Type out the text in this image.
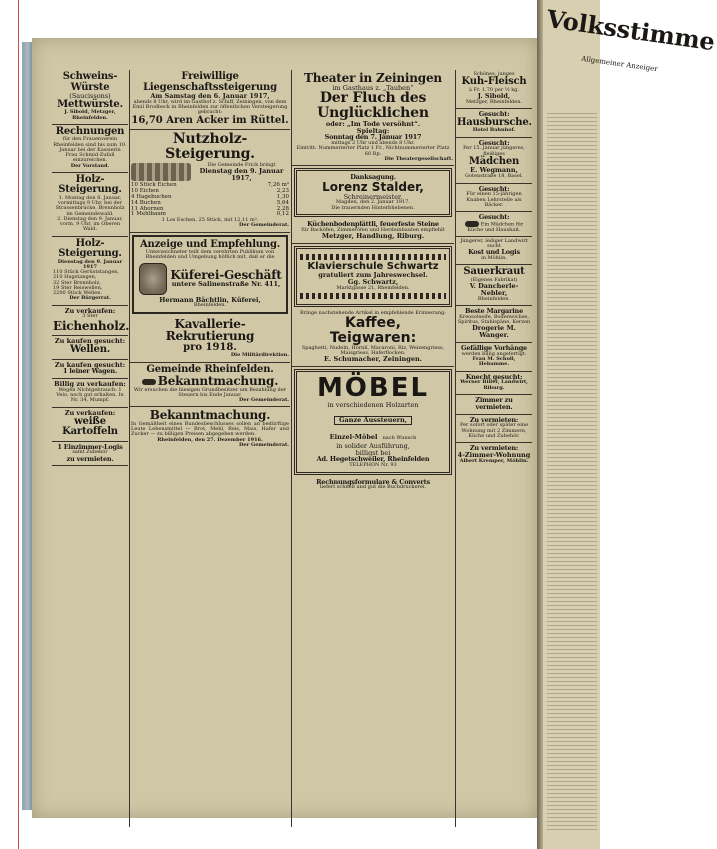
Volksstimme
Allgemeiner Anzeiger
Schweins-Würste
(Saucissons)
Mettwürste.
J. Sibold, Metzger, Rheinfelden.
Rechnungen
für den Frauenverein Rheinfelden sind bis zum 10. Januar bei der Kassierin Frau Schmid-Zufall einzureichen.
Der Vorstand.
Holz-Steigerung.
1. Montag den 8. Januar, vormittags 9 Uhr, bei der Strassenbrücke, Brennholz im Gemeindewald.
2. Dienstag den 9. Januar, vorm. 9 Uhr, im Oberen Wald.
Holz-Steigerung.
Dienstag den 9. Januar 1917
110 Stück Gerüststangen,
210 Hagstangen,
32 Ster Brennholz,
19 Ster Reiswellen,
2200 Stück Wellen.
Der Bürgerrat.
Zu verkaufen:
3 Ster
Eichenholz.
Zu kaufen gesucht:
Wellen.
Zu kaufen gesucht:
1 leiner Wagen.
Billig zu verkaufen:
Wegen Nichtgebrauch: 1 Velo, noch gut erhalten. In Nr. 34, Mumpf.
Zu verkaufen:
weiße Kartoffeln
1 Einzimmer-Logis
samt Zubehör
zu vermieten.
Freiwillige Liegenschaftssteigerung
Am Samstag den 6. Januar 1917,
abends 8 Uhr, wird im Gasthof z. Schiff, Zeiningen, von dem Emil Brodbeck in Rheinfelden zur öffentlichen Versteigerung gebracht:
16,70 Aren Acker im Rüttel.
Nutzholz-Steigerung.
Die Gemeinde Frick bringt
Dienstag den 9. Januar 1917,
10 Stück Eichen	7,26 m³
10 Eichen	2,23
4 Hagebuchen	1,30
14 Buchen	5,64
11 Ahornen	2,28
1 Mehlbaum	0,12
1 Los Eschen, 25 Stück, mit 12,11 m³.
Der Gemeinderat.
Anzeige und Empfehlung.
Unterzeichneter teilt dem verehrten Publikum von Rheinfelden und Umgebung höflich mit, daß er die
Küferei-Geschäft
untere Salinenstraße Nr. 411,
Hermann Bächtlin, Küferei,
Rheinfelden.
Kavallerie-Rekrutierung
pro 1918.
Die Militärdirektion.
Gemeinde Rheinfelden.
Bekanntmachung.
Wir ersuchen die hiesigen Grundbesitzer um Bezahlung der Steuern bis Ende Januar.
Der Gemeinderat.
Bekanntmachung.
In Gemäßheit eines Bundesbeschlusses sollen an bedürftige Leute Lebensmittel — Brot, Mehl, Reis, Mais, Hafer und Zucker — zu billigen Preisen abgegeben werden.
Rheinfelden, den 27. Dezember 1916.
Der Gemeinderat.
Theater in Zeiningen
im Gasthaus z. „Tauben“
Der Fluch des Unglücklichen
oder: „Im Tode versöhnt“.
Spieltag:
Sonntag den 7. Januar 1917
mittags 2 Uhr und abends 8 Uhr.
Eintritt: Nummerierter Platz 1 Fr., Nichtnummerierter Platz 60 Rp.
Die Theatergesellschaft.
Danksagung.
Lorenz Stalder,
Schreinermeister.
Magden, den 2. Januar 1917.
Die trauernden Hinterbliebenen.
Küchenbodenplättli, feuerfeste Steine
für Backöfen, Zimmeröfen und Herdeinbauten empfiehlt
Metzger, Handlung, Riburg.
Klavierschule Schwartz
gratuliert zum Jahreswechsel.
Gg. Schwartz,
Marktgasse 21, Rheinfelden.
Bringe nachstehende Artikel in empfehlende Erinnerung:
Kaffee,
Teigwaren:
Spaghetti, Nudeln, Hörnli, Macaroni, Riz, Weizengriess, Maisgriess, Haferflocken.
E. Schumacher, Zeiningen.
MÖBEL
in verschiedenen Holzarten
Ganze Aussteuern,
Einzel-Möbel nach Wunsch
in solider Ausführung,
billigst bei
Ad. Hegetschweiler, Rheinfelden
TELEPHON Nr. 93
Rechnungsformulare & Converts
liefert schnell und gut die Buchdruckerei.
Schönes, junges
Kuh-Fleisch
à Fr. 1.70 per ½ kg.
J. Sibold,
Metzger, Rheinfelden.
Gesucht:
Hausbursche.
Hotel Bahnhof.
Gesucht:
Per 15. Januar jüngeres, fleißiges
Mädchen
E. Wegmann,
Gotenstraße 18, Basel.
Gesucht:
Für einen 15-jährigen Knaben Lehrstelle als Bäcker.
Gesucht:
Ein Mädchen für Küche und Haushalt.
Jüngerer, lediger Landwirt sucht
Kost und Logis
in Möhlin.
Sauerkraut
(Eigenes Fabrikat)
V. Dancherle-Nebler,
Rheinfelden.
Beste Margarine
Kreosotseife, Bodenwichse, Spiritus, Stahlspäne, Kerzen
Drogerie M. Wanger.
Gefällige Vorhänge
werden billig angefertigt.
Frau M. Scholl, Hebamme.
Knecht gesucht:
Werner Biller, Landwirt, Riburg.
Zimmer zu vermieten.
Zu vermieten:
Per sofort oder später eine Wohnung mit 2 Zimmern, Küche und Zubehör.
Zu vermieten:
4-Zimmer-Wohnung
Albert Kremper, Möhlin.
